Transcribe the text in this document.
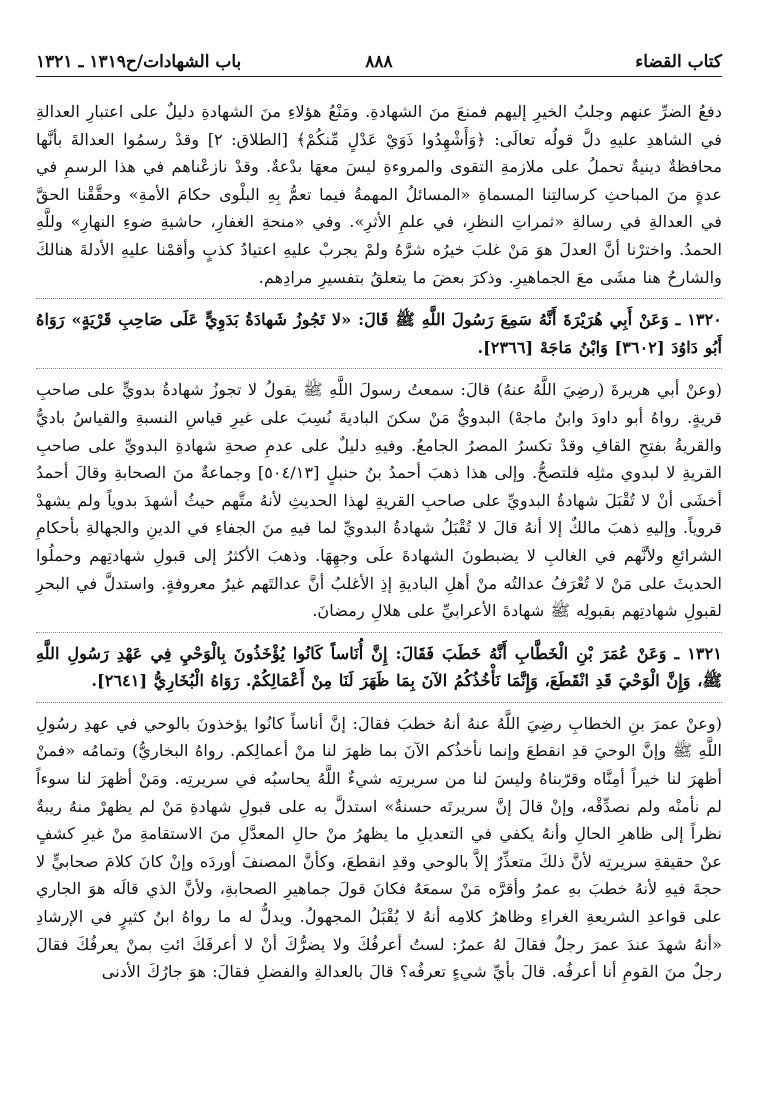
كتاب القضاء
٨٨٨
باب الشهادات/ح١٣١٩ ـ ١٣٢١

دفعُ الضرِّ عنهم وجلبُ الخيرِ إليهم فمنعَ منَ الشهادةِ. ومَنْعُ هؤلاءِ منَ الشهادةِ دليلٌ على اعتبارِ العدالةِ في الشاهدِ عليهِ دلَّ قولُه تعالَى: ﴿وَأَشْهِدُوا ذَوَيْ عَدْلٍ مِّنكُمْ﴾ [الطلاق: ٢] وقدْ رسمُوا العدالةَ بأنَّها محافظةٌ دينيةٌ تحملُ على ملازمةِ التقوى والمروءةِ ليسَ معهَا بدْعةٌ. وقدْ نازعْناهم في هذا الرسمِ في عدةٍ منَ المباحثِ كرسالتِنا المسماةِ «المسائلُ المهمةُ فيما تعمُّ بِهِ البلْوى حكامَ الأمةِ» وحقَّقْنا الحقَّ في العدالةِ في رسالةِ «ثمراتِ النظرِ، في علمِ الأثرِ». وفي «منحةِ الغفارِ، حاشيةِ ضوءِ النهارِ» وللَّهِ الحمدُ. واخترْنا أنَّ العدلَ هوَ مَنْ غلبَ خيرُه شرَّهُ ولمْ يجربْ عليهِ اعتيادُ كذبٍ وأقمْنا عليهِ الأدلةَ هنالكَ والشارحُ هنا مشَى معَ الجماهيرِ. وذكرَ بعضَ ما يتعلقُ بتفسيرِ مرادِهم.

١٣٢٠ ـ وَعَنْ أَبِي هُرَيْرَةَ أَنَّهُ سَمِعَ رَسُولَ اللَّهِ ﷺ قَالَ: «لا تَجُوزُ شَهادَةُ بَدَوِيٍّ عَلَى صَاحِبِ قَرْيَةٍ» رَوَاهُ أَبُو دَاوُدَ [٣٦٠٢] وَابْنُ مَاجَهْ [٢٣٦٦].

(وعنْ أبي هريرةَ (رضِيَ اللَّهُ عنهُ) قالَ: سمعتُ رسولَ اللَّهِ ﷺ يقولُ لا تجوزُ شهادةُ بدويٍّ على صاحبِ قريةٍ. رواهُ أبو داودَ وابنُ ماجهْ) البدويُّ مَنْ سكنَ الباديةَ نُسِبَ على غيرِ قياسِ النسبةِ والقياسُ باديُّ والقريةُ بفتحِ القافِ وقدْ تكسرُ المصرُ الجامعُ. وفيهِ دليلٌ على عدمِ صحةِ شهادةِ البدويِّ على صاحبِ القريةِ لا لبدوي مثلِه فلتصحُّ. وإلى هذا ذهبَ أحمدُ بنُ حنبلٍ [٥٠٤/١٣] وجماعةٌ منَ الصحابةِ وقالَ أحمدُ أخشَى أنْ لا تُقْبَلَ شهادةُ البدويِّ على صاحبِ القريةِ لهذا الحديثِ لأنهُ متَّهم حيثُ أشهدَ بدوياً ولم يشهدْ قروياً. وإليهِ ذهبَ مالكٌ إلا أنهُ قالَ لا تُقْبَلُ شهادةُ البدويِّ لما فيهِ منَ الجفاءِ في الدينِ والجهالةِ بأحكامِ الشرائعِ ولأنَّهم في الغالبِ لا يضبطونَ الشهادةَ علَى وجهِهَا. وذهبَ الأكثرُ إلى قبولِ شهادتِهم وحملُوا الحديثَ على مَنْ لا تُعْرَفُ عدالتُه منْ أهلِ الباديةِ إذِ الأغلبُ أنَّ عدالتَهم غيرُ معروفةٍ. واستدلَّ في البحرِ لقبولِ شهادتِهم بقبولِه ﷺ شهادةَ الأعرابيِّ على هلالِ رمضانَ.

١٣٢١ ـ وَعَنْ عُمَرَ بْنِ الْخَطَّابِ أَنَّهُ خَطَبَ فَقَالَ: إِنَّ أُنَاساً كَانُوا يُؤْخَذُونَ بِالْوَحْيِ فِي عَهْدِ رَسُولِ اللَّهِ ﷺ، وَإِنَّ الْوَحْيَ قَدِ انْقَطَعَ، وَإِنَّمَا نَأْخُذُكُمُ الآنَ بِمَا ظَهَرَ لَنَا مِنْ أَعْمَالِكُمْ. رَوَاهُ الْبُخَارِيُّ [٢٦٤١].

(وعنْ عمرَ بنِ الخطابِ رضِيَ اللَّهُ عنهُ أنهُ خطبَ فقالَ: إنَّ أناساً كانُوا يؤخذونَ بالوحي في عهدِ رسُولِ اللَّهِ ﷺ وإنَّ الوحيَ قدِ انقطعَ وإنما نأخذُكم الآنَ بما ظهرَ لنا منْ أعمالِكم. رواهُ البخاريُّ) وتمامُه «فمنْ أظهرَ لنا خيراً أمِنَّاه وقرّبناهُ وليسَ لنا من سريرتِه شيءٌ اللَّهُ يحاسبُه في سريرتِه. ومَنْ أظهرَ لنا سوءاً لم نأمنْه ولم نصدِّقْه، وإنْ قالَ إنَّ سريرتَه حسنةٌ» استدلَّ به على قبولِ شهادةِ مَنْ لم يظهرْ منهُ ريبةٌ نظراً إلى ظاهرِ الحالِ وأنهُ يكفي في التعديلِ ما يظهرُ منْ حالِ المعدَّلِ منَ الاستقامةِ منْ غيرِ كشفٍ عنْ حقيقةِ سريرتِه لأنَّ ذلكَ متعذِّرٌ إلاَّ بالوحي وقدِ انقطعَ، وكأنَّ المصنفَ أوردَه وإنْ كانَ كلامَ صحابيٍّ لا حجةَ فيهِ لأنهُ خطبَ بهِ عمرُ وأقرَّه مَنْ سمعَهُ فكانَ قولَ جماهيرِ الصحابةِ، ولأنَّ الذي قالَه هوَ الجاري على قواعدِ الشريعةِ الغراءِ وظاهرُ كلامِه أنهُ لا يُقْبَلُ المجهولُ. ويدلُّ له ما رواهُ ابنُ كثيرٍ في الإرشادِ «أنهُ شهدَ عندَ عمرَ رجلٌ فقالَ لهُ عمرُ: لستُ أعرفُكَ ولا يضرُّكَ أنْ لا أعرفَكَ ائتِ بمنْ يعرفُكَ فقالَ رجلٌ منَ القومِ أنا أعرفُه. قالَ بأيِّ شيءٍ تعرفُه؟ قالَ بالعدالةِ والفضلِ فقالَ: هوَ جارُكَ الأدنى
